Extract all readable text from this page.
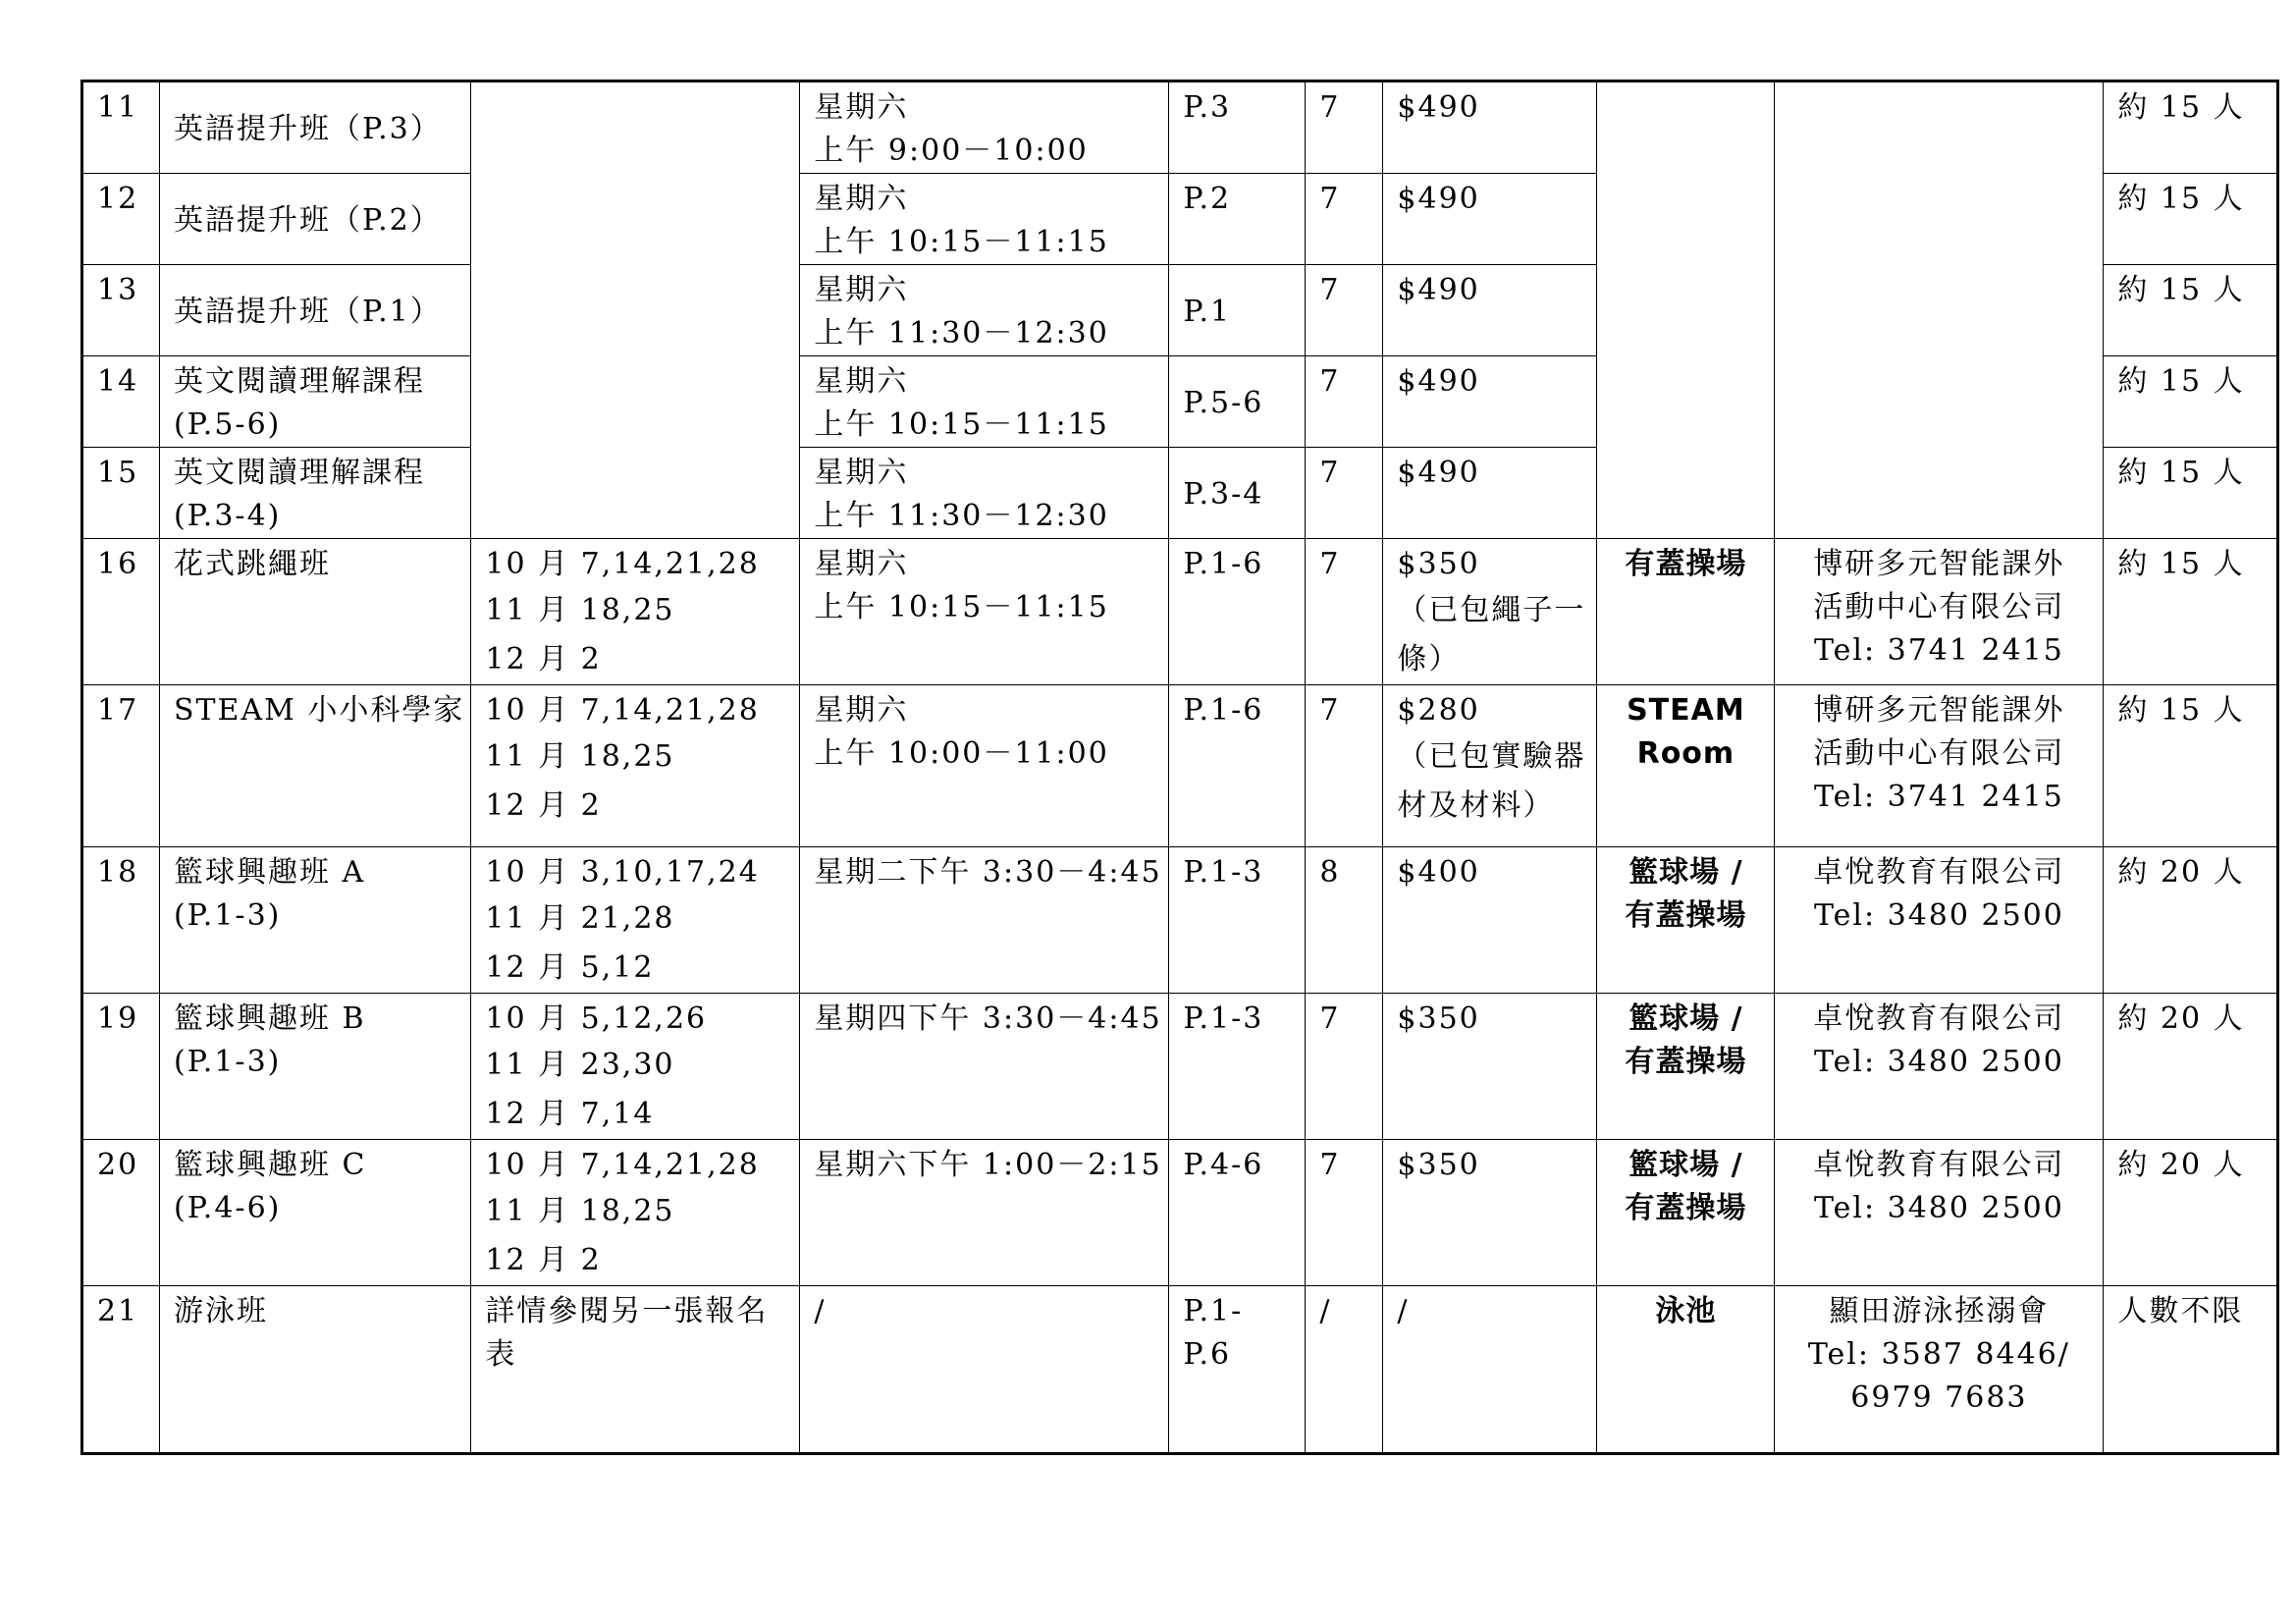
11	英語提升班（P.3）		星期六
上午 9:00－10:00	P.3	7	$490			約 15 人
12	英語提升班（P.2）		星期六
上午 10:15－11:15	P.2	7	$490			約 15 人
13	英語提升班（P.1）		星期六
上午 11:30－12:30	P.1	7	$490			約 15 人
14	英文閱讀理解課程
(P.5-6)		星期六
上午 10:15－11:15	P.5-6	7	$490			約 15 人
15	英文閱讀理解課程
(P.3-4)		星期六
上午 11:30－12:30	P.3-4	7	$490			約 15 人
16	花式跳繩班	10 月 7,14,21,28
11 月 18,25
12 月 2	星期六
上午 10:15－11:15	P.1-6	7	$350
（已包繩子一條）	有蓋操場	博研多元智能課外
活動中心有限公司
Tel: 3741 2415	約 15 人
17	STEAM 小小科學家	10 月 7,14,21,28
11 月 18,25
12 月 2	星期六
上午 10:00－11:00	P.1-6	7	$280
（已包實驗器材及材料）	STEAM
Room	博研多元智能課外
活動中心有限公司
Tel: 3741 2415	約 15 人
18	籃球興趣班 A
(P.1-3)	10 月 3,10,17,24
11 月 21,28
12 月 5,12	星期二下午 3:30－4:45	P.1-3	8	$400	籃球場 /
有蓋操場	卓悅教育有限公司
Tel: 3480 2500	約 20 人
19	籃球興趣班 B
(P.1-3)	10 月 5,12,26
11 月 23,30
12 月 7,14	星期四下午 3:30－4:45	P.1-3	7	$350	籃球場 /
有蓋操場	卓悅教育有限公司
Tel: 3480 2500	約 20 人
20	籃球興趣班 C
(P.4-6)	10 月 7,14,21,28
11 月 18,25
12 月 2	星期六下午 1:00－2:15	P.4-6	7	$350	籃球場 /
有蓋操場	卓悅教育有限公司
Tel: 3480 2500	約 20 人
21	游泳班	詳情參閱另一張報名表	/	P.1-
P.6	/	/	泳池	顯田游泳拯溺會
Tel: 3587 8446/
6979 7683	人數不限
